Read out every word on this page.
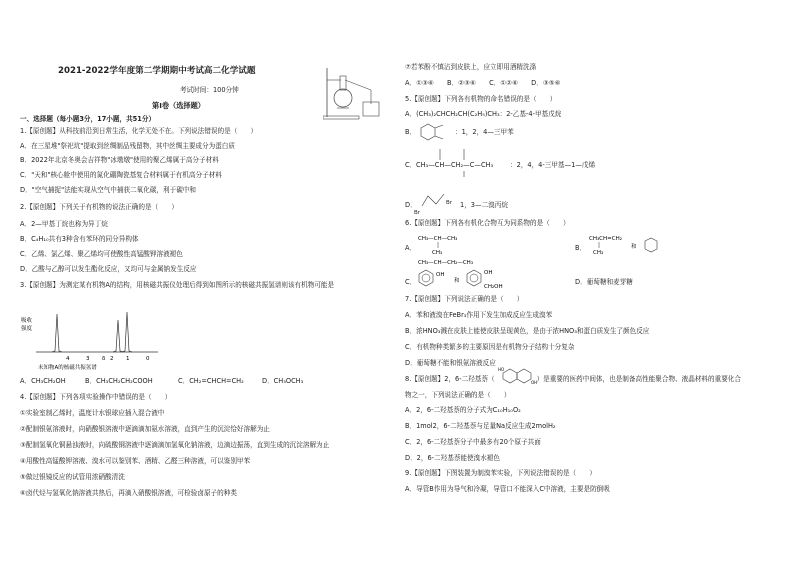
2021-2022学年度第二学期期中考试高二化学试题
考试时间：100分钟
第I卷（选择题）
一、选择题（每小题3分，17小题，共51分）
1.【原创题】从科技前沿到日常生活，化学无处不在。下列说法错误的是（　　）
A．在三星堆"祭祀坑"提取到丝绸制品残留物，其中丝绸主要成分为蛋白质
B．2022年北京冬奥会吉祥物"冰墩墩"使用的聚乙烯属于高分子材料
C．"天和"核心舱中使用的氮化硼陶瓷基复合材料属于有机高分子材料
D．"空气捕捉"法能实现从空气中捕获二氧化碳，利于碳中和
2.【原创题】下列关于有机物的说法正确的是（　　）
A．2—甲基丁烷也称为异丁烷
B．C₄H₁₀共有3种含有苯环的同分异构体
C．乙烯、氯乙烯、聚乙烯均可使酸性高锰酸钾溶液褪色
D．乙酸与乙醇可以发生酯化反应，又均可与金属钠发生反应
3.【原创题】为测定某有机物A的结构，用核磁共振仪处理后得到如图所示的核磁共振氢谱则该有机物可能是
吸收
强度
4	3 δ 2 1	0
未知物A的核磁共振氢谱
A．CH₃CH₂OH	B．CH₃CH₂CH₂COOH	C．CH₂=CHCH=CH₂	D．CH₃OCH₃
4.【原创题】下列各项实验操作中错误的是（　　）
①实验室制乙烯时，温度计水银球应插入混合液中
②配制银氨溶液时，向硝酸银溶液中逐滴滴加氨水溶液，直到产生的沉淀恰好溶解为止
③配制氢氧化铜悬浊液时，向硫酸铜溶液中逐滴滴加氢氧化钠溶液，边滴边振荡，直到生成的沉淀溶解为止
④用酸性高锰酸钾溶液、溴水可以鉴别苯、酒精、乙醛三种溶液，可以鉴别甲苯
⑤做过银镜反应的试管用浓硝酸清洗
⑥卤代烃与氢氧化钠溶液共热后，再滴入硝酸银溶液，可检验卤原子的种类
⑦若苯酚不慎沾到皮肤上，应立即用酒精洗涤
A．①③⑥　　B．②③⑥　　C．①②⑥　　D．③⑤⑥
5.【原创题】下列各有机物的命名错误的是（　　）
A．(CH₃)₂CHCH₂CH(C₂H₅)CH₃：2-乙基-4-甲基戊烷
B．	：1，2，4—三甲苯
C． CH₃—CH—CH₂—C—CH₃	：2，4，4-三甲基—1—戊烯
D．
Br
Br 1，3—二溴丙烷
6.【原创题】下列各有机化合物互为同系物的是（　　）
A．
CH₃—CH—CH₃
CH₃
CH₃—CH—CH₂—CH₃
B．
CH₃CH=CH₂
CH₃
和
C．
OH
和
OH
CH₂OH
D．葡萄糖和麦芽糖
7.【原创题】下列说法正确的是（　　）
A．苯和液溴在FeBr₃作用下发生加成反应生成溴苯
B．浓HNO₃溅在皮肤上能使皮肤呈现黄色，是由于浓HNO₃和蛋白质发生了颜色反应
C．有机物种类繁多的主要原因是有机物分子结构十分复杂
D．葡萄糖不能和银氨溶液反应
8.【原创题】2，6-二羟基萘（	）是重要的医药中间体，也是制备高性能聚合物、液晶材料的重要化合
HO
OH
物之一，下列说法正确的是（　　）
A．2，6-二羟基萘的分子式为C₁₀H₁₀O₂
B．1mol2，6-二羟基萘与足量Na反应生成2molH₂
C．2，6-二羟基萘分子中最多有20个原子共面
D．2，6-二羟基萘能使溴水褪色
9.【原创题】下图装置为制溴苯实验，下列说法错误的是（　　）
A．导管B作用为导气和冷凝，导管口不能深入C中溶液，主要是防倒吸
